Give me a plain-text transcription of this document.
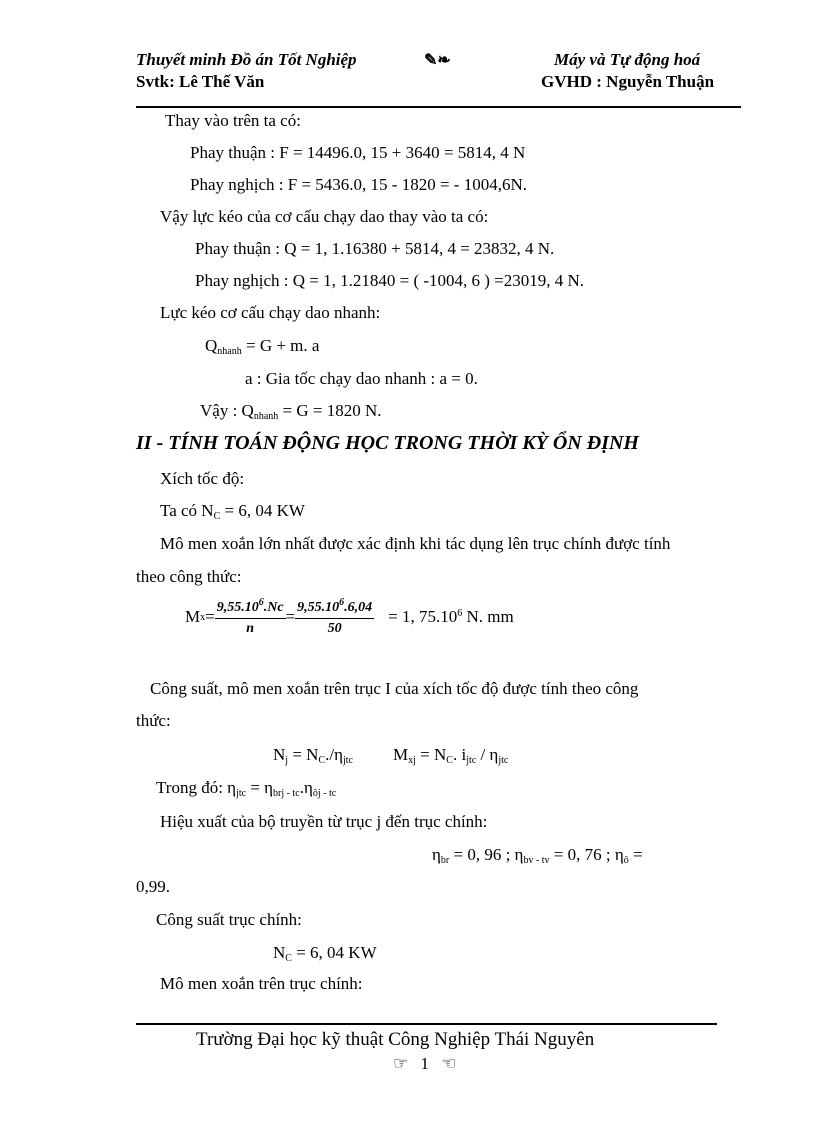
Thuyết minh Đồ án Tốt Nghiệp
Svtk: Lê Thế Văn
✎❧	Máy và Tự động hoá
GVHD : Nguyễn Thuận
Thay vào trên ta có:
Phay thuận : F = 14496.0, 15 + 3640 = 5814, 4 N
Phay nghịch : F = 5436.0, 15 - 1820 = - 1004,6N.
Vậy lực kéo của cơ cấu chạy dao thay vào ta có:
Phay thuận : Q = 1, 1.16380 + 5814, 4 = 23832, 4 N.
Phay nghịch : Q = 1, 1.21840 = ( -1004, 6 ) =23019, 4 N.
Lực kéo cơ cấu chạy dao nhanh:
$Q_{nhanh} = G + m$. a
a : Gia tốc chạy dao nhanh : a = 0.
Vậy : $Q_{nhanh} = G = 1820$ N.
II - TÍNH TOÁN ĐỘNG HỌC TRONG THỜI KỲ ỔN ĐỊNH
Xích tốc độ:
Ta có $N_C = 6$, 04 KW
Mô men xoắn lớn nhất được xác định khi tác dụng lên trục chính được tính
theo công thức:
M $x = \frac{9,55.10^6.Nc}{n} = \frac{9,55.10^6.6,04}{50} = 1$, 75.10$^6$ N. mm
Công suất, mô men xoắn trên trục I của xích tốc độ được tính theo công
thức:
$N_j = N_C./\eta_{jtc}$ $M_{xj} = N_C$. $i_{jtc} / \eta_{jtc}$
Trong đó: $\eta_{jtc} = \eta_{brj - tc}.\eta_{ôj - tc}$
Hiệu xuất của bộ truyền từ trục j đến trục chính:
$\eta_{br} = 0$, 96 ; $\eta_{bv - tv} = 0$, 76 ; $\eta_ô$ =
0,99.
Công suất trục chính:
$N_C = 6$, 04 KW
Mô men xoắn trên trục chính:
Trường Đại học kỹ thuật Công Nghiệp Thái Nguyên
☞ 1 ☜
